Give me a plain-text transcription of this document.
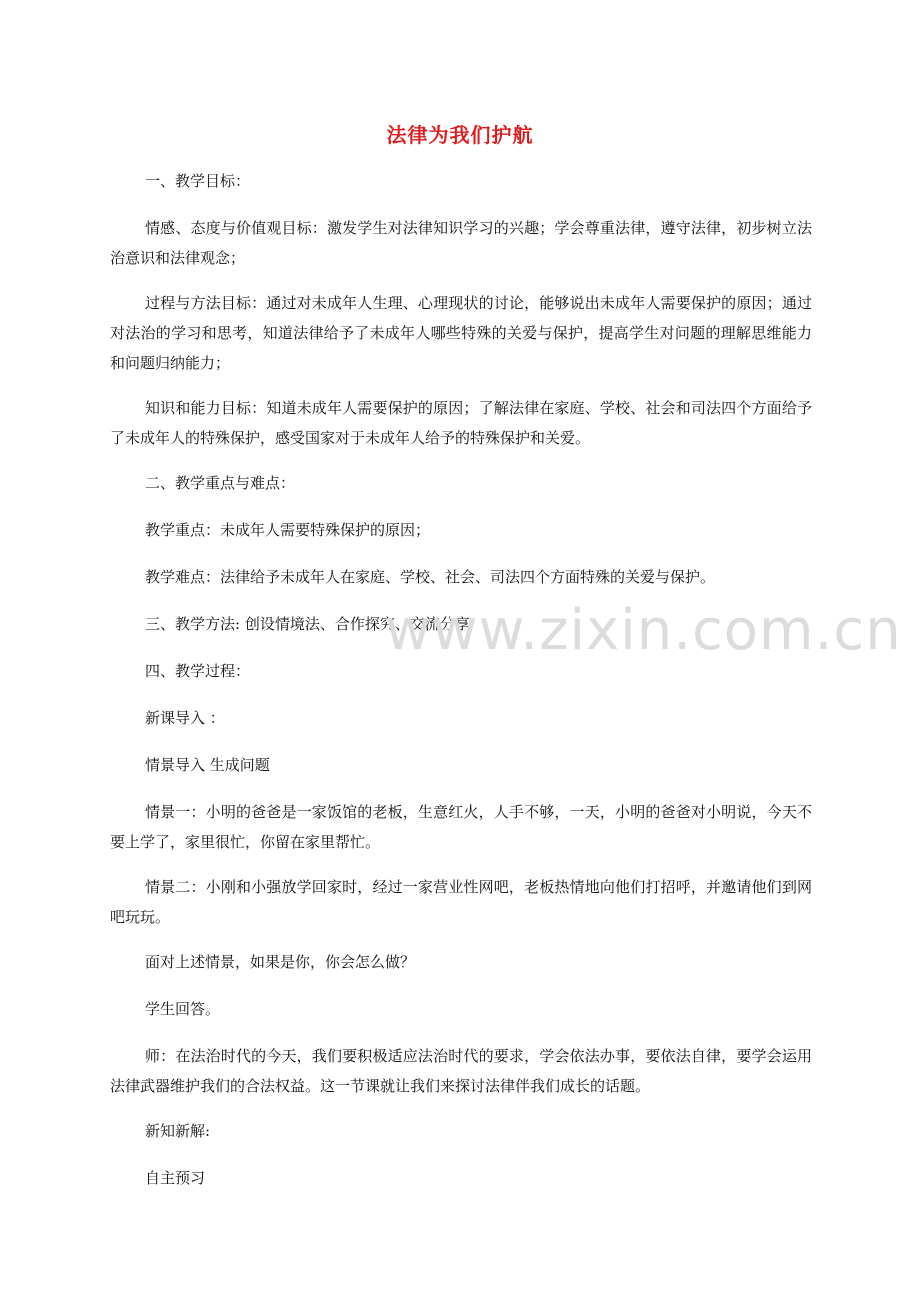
法律为我们护航

一、教学目标：

情感、态度与价值观目标：激发学生对法律知识学习的兴趣；学会尊重法律，遵守法律，初步树立法治意识和法律观念；

过程与方法目标：通过对未成年人生理、心理现状的讨论，能够说出未成年人需要保护的原因；通过对法治的学习和思考，知道法律给予了未成年人哪些特殊的关爱与保护，提高学生对问题的理解思维能力和问题归纳能力；

知识和能力目标：知道未成年人需要保护的原因；了解法律在家庭、学校、社会和司法四个方面给予了未成年人的特殊保护，感受国家对于未成年人给予的特殊保护和关爱。

二、教学重点与难点：

教学重点：未成年人需要特殊保护的原因；

教学难点：法律给予未成年人在家庭、学校、社会、司法四个方面特殊的关爱与保护。

三、教学方法: 创设情境法、合作探究、交流分享

四、教学过程：

新课导入 ：

情景导入 生成问题

情景一：小明的爸爸是一家饭馆的老板，生意红火，人手不够，一天，小明的爸爸对小明说，今天不要上学了，家里很忙，你留在家里帮忙。

情景二：小刚和小强放学回家时，经过一家营业性网吧，老板热情地向他们打招呼，并邀请他们到网吧玩玩。

面对上述情景，如果是你，你会怎么做？

学生回答。

师：在法治时代的今天，我们要积极适应法治时代的要求，学会依法办事，要依法自律，要学会运用法律武器维护我们的合法权益。这一节课就让我们来探讨法律伴我们成长的话题。

新知新解:

自主预习

www.zixin.com.cn
